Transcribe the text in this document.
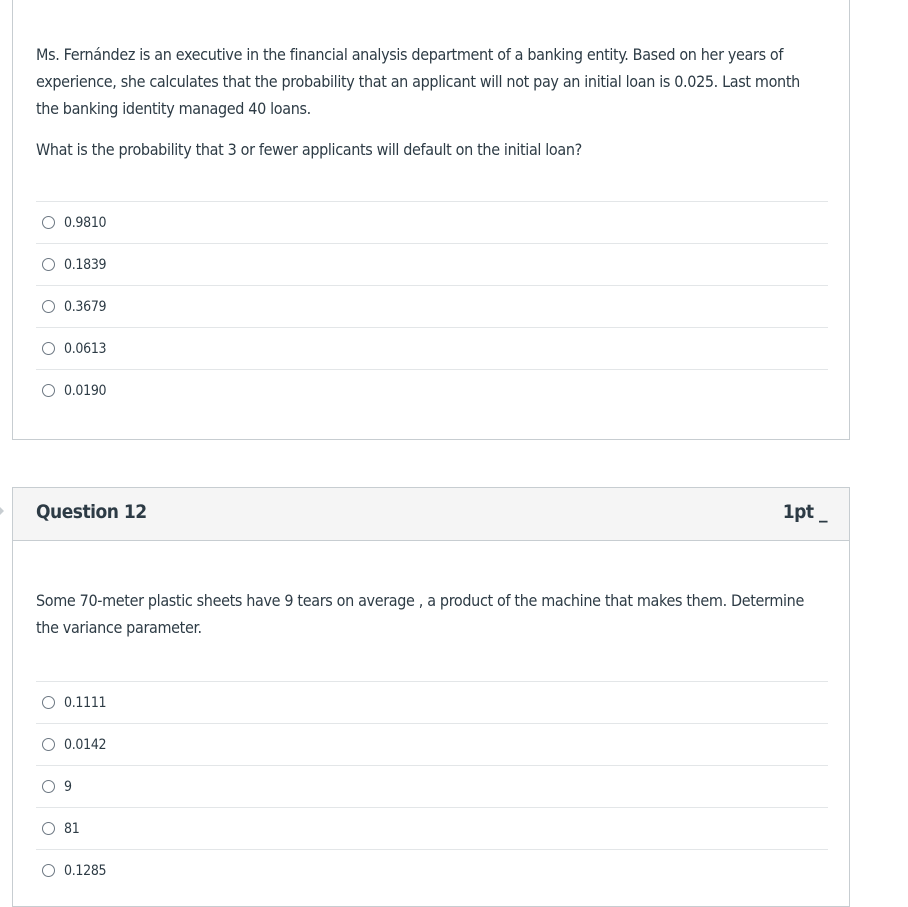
Ms. Fernández is an executive in the financial analysis department of a banking entity. Based on her years of experience, she calculates that the probability that an applicant will not pay an initial loan is 0.025. Last month the banking identity managed 40 loans.

What is the probability that 3 or fewer applicants will default on the initial loan?

0.9810
0.1839
0.3679
0.0613
0.0190
Question 12	1pt _

Some 70-meter plastic sheets have 9 tears on average , a product of the machine that makes them. Determine the variance parameter.

0.1111
0.0142
9
81
0.1285
